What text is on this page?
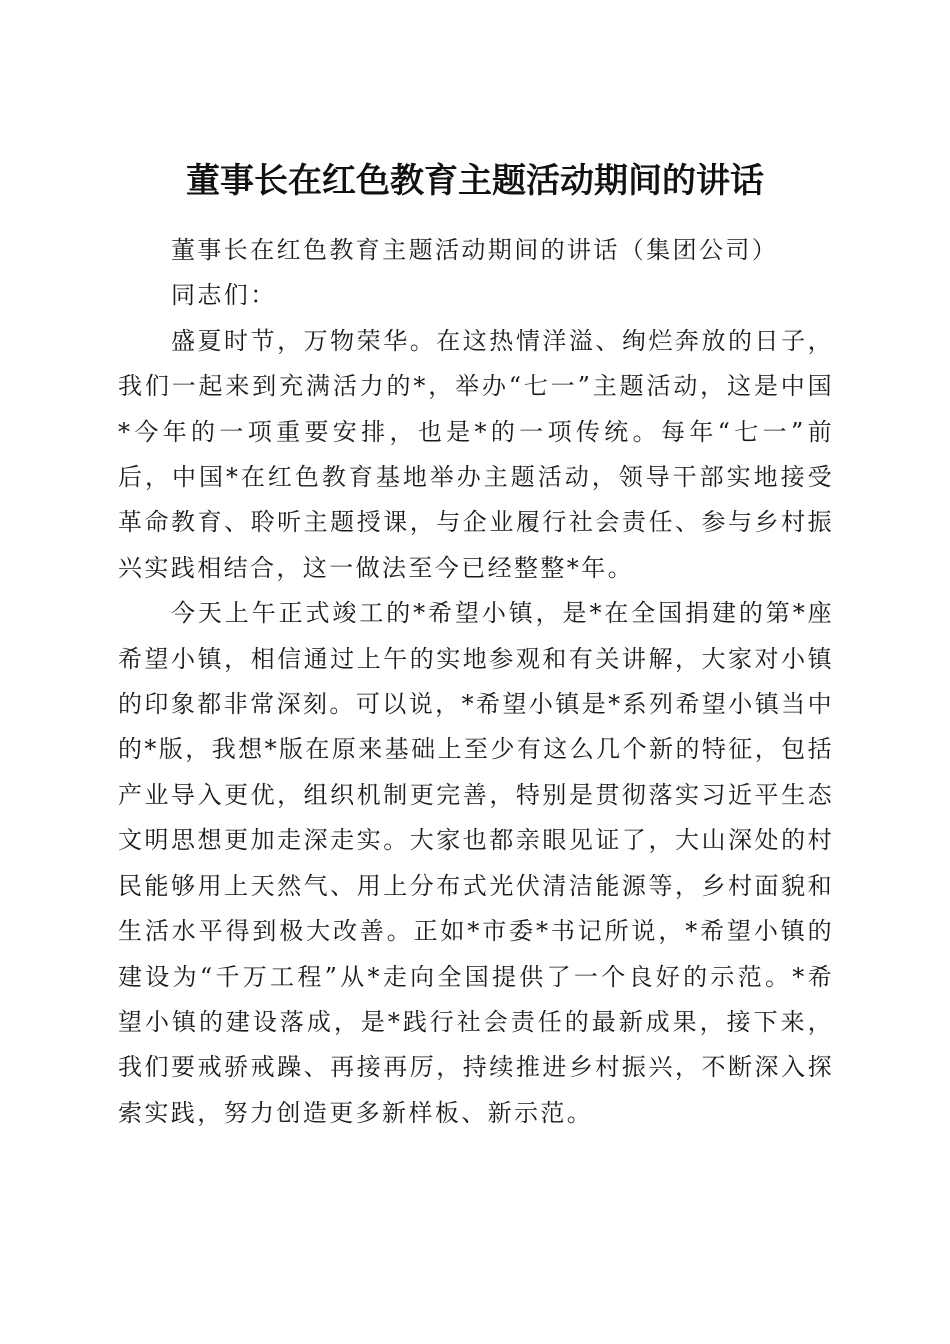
董事长在红色教育主题活动期间的讲话

董事长在红色教育主题活动期间的讲话（集团公司）

同志们：

盛夏时节，万物荣华。在这热情洋溢、绚烂奔放的日子，我们一起来到充满活力的*，举办“七一”主题活动，这是中国*今年的一项重要安排，也是*的一项传统。每年“七一”前后，中国*在红色教育基地举办主题活动，领导干部实地接受革命教育、聆听主题授课，与企业履行社会责任、参与乡村振兴实践相结合，这一做法至今已经整整*年。

今天上午正式竣工的*希望小镇，是*在全国捐建的第*座希望小镇，相信通过上午的实地参观和有关讲解，大家对小镇的印象都非常深刻。可以说，*希望小镇是*系列希望小镇当中的*版，我想*版在原来基础上至少有这么几个新的特征，包括产业导入更优，组织机制更完善，特别是贯彻落实习近平生态文明思想更加走深走实。大家也都亲眼见证了，大山深处的村民能够用上天然气、用上分布式光伏清洁能源等，乡村面貌和生活水平得到极大改善。正如*市委*书记所说，*希望小镇的建设为“千万工程”从*走向全国提供了一个良好的示范。*希望小镇的建设落成，是*践行社会责任的最新成果，接下来，我们要戒骄戒躁、再接再厉，持续推进乡村振兴，不断深入探索实践，努力创造更多新样板、新示范。
